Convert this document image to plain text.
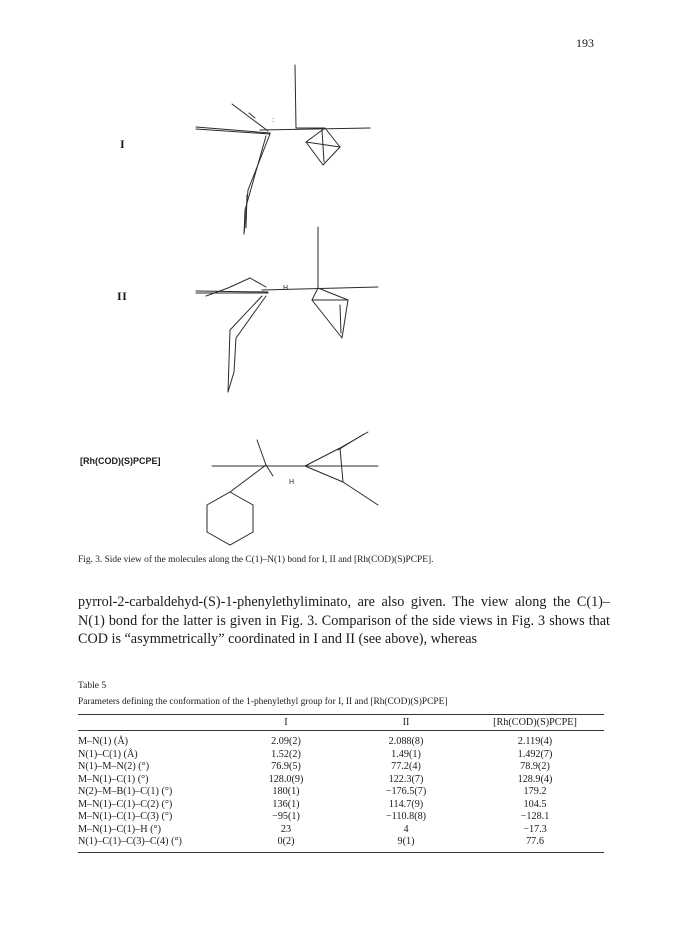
193
:
H
H
I
II
[Rh(COD)(S)PCPE]
Fig. 3. Side view of the molecules along the C(1)–N(1) bond for I, II and [Rh(COD)(S)PCPE].

pyrrol-2-carbaldehyd-(S)-1-phenylethyliminato, are also given. The view along the C(1)–N(1) bond for the latter is given in Fig. 3. Comparison of the side views in Fig. 3 shows that COD is “asymmetrically” coordinated in I and II (see above), whereas

Table 5
Parameters defining the conformation of the 1-phenylethyl group for I, II and [Rh(COD)(S)PCPE]
	I	II	[Rh(COD)(S)PCPE]
M–N(1) (Å)	2.09(2)	2.088(8)	2.119(4)
N(1)–C(1) (Å)	1.52(2)	1.49(1)	1.492(7)
N(1)–M–N(2) (°)	76.9(5)	77.2(4)	78.9(2)
M–N(1)–C(1) (°)	128.0(9)	122.3(7)	128.9(4)
N(2)–M–B(1)–C(1) (°)	180(1)	−176.5(7)	179.2
M–N(1)–C(1)–C(2) (°)	136(1)	114.7(9)	104.5
M–N(1)–C(1)–C(3) (°)	−95(1)	−110.8(8)	−128.1
M–N(1)–C(1)–H (°)	23	4	−17.3
N(1)–C(1)–C(3)–C(4) (°)	0(2)	9(1)	77.6
